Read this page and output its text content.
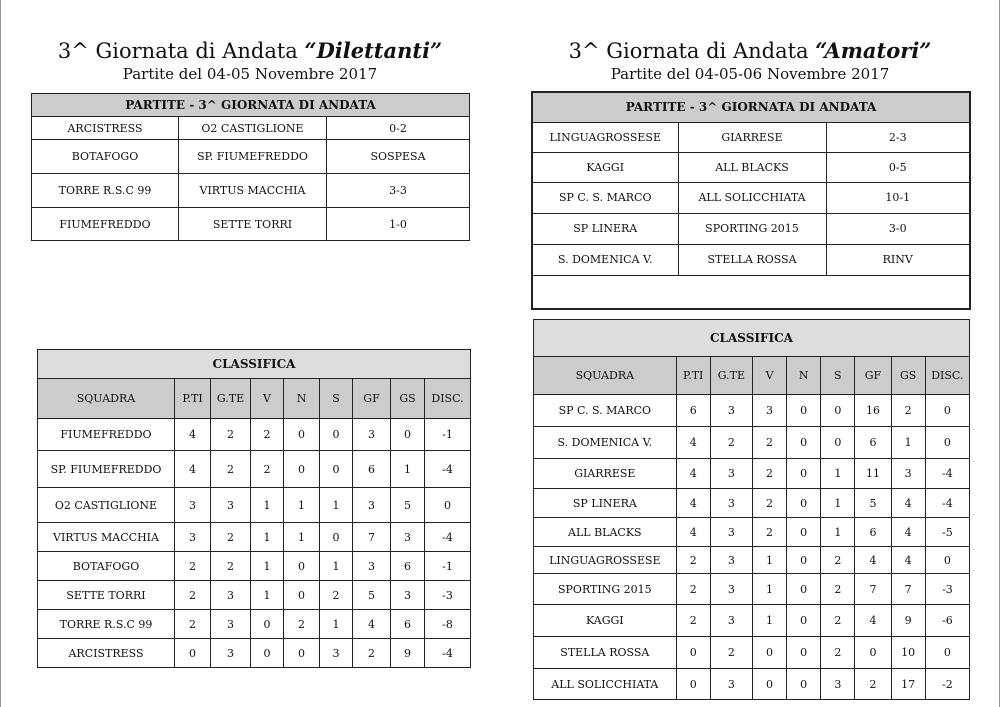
3^ Giornata di Andata “Dilettanti”
Partite del 04-05 Novembre 2017
PARTITE - 3^ GIORNATA DI ANDATA		
ARCISTRESS	O2 CASTIGLIONE	0-2
BOTAFOGO	SP. FIUMEFREDDO	SOSPESA
TORRE R.S.C 99	VIRTUS MACCHIA	3-3
FIUMEFREDDO	SETTE TORRI	1-0
3^ Giornata di Andata “Amatori”
Partite del 04-05-06 Novembre 2017
PARTITE - 3^ GIORNATA DI ANDATA		
LINGUAGROSSESE	GIARRESE	2-3
KAGGI	ALL BLACKS	0-5
SP C. S. MARCO	ALL SOLICCHIATA	10-1
SP LINERA	SPORTING 2015	3-0
S. DOMENICA V.	STELLA ROSSA	RINV

CLASSIFICA								
SQUADRA	P.TI	G.TE	V	N	S	GF	GS	DISC.
FIUMEFREDDO	4	2	2	0	0	3	0	-1
SP. FIUMEFREDDO	4	2	2	0	0	6	1	-4
O2 CASTIGLIONE	3	3	1	1	1	3	5	0
VIRTUS MACCHIA	3	2	1	1	0	7	3	-4
BOTAFOGO	2	2	1	0	1	3	6	-1
SETTE TORRI	2	3	1	0	2	5	3	-3
TORRE R.S.C 99	2	3	0	2	1	4	6	-8
ARCISTRESS	0	3	0	0	3	2	9	-4
CLASSIFICA								
SQUADRA	P.TI	G.TE	V	N	S	GF	GS	DISC.
SP C. S. MARCO	6	3	3	0	0	16	2	0
S. DOMENICA V.	4	2	2	0	0	6	1	0
GIARRESE	4	3	2	0	1	11	3	-4
SP LINERA	4	3	2	0	1	5	4	-4
ALL BLACKS	4	3	2	0	1	6	4	-5
LINGUAGROSSESE	2	3	1	0	2	4	4	0
SPORTING 2015	2	3	1	0	2	7	7	-3
KAGGI	2	3	1	0	2	4	9	-6
STELLA ROSSA	0	2	0	0	2	0	10	0
ALL SOLICCHIATA	0	3	0	0	3	2	17	-2
